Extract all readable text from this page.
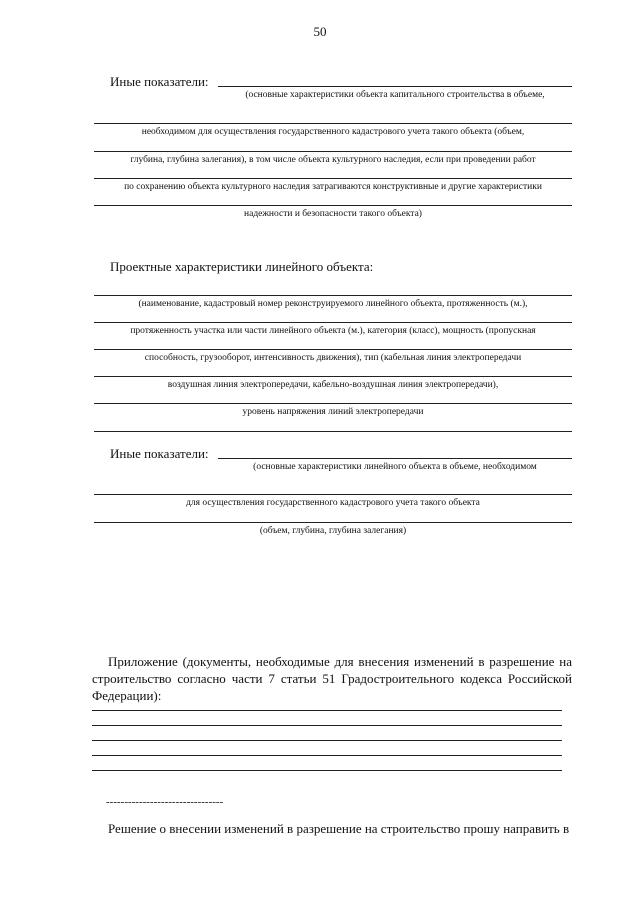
50
Иные показатели:
(основные характеристики объекта капитального строительства в объеме,
необходимом для осуществления государственного кадастрового учета такого объекта (объем,
глубина, глубина залегания), в том числе объекта культурного наследия, если при проведении работ
по сохранению объекта культурного наследия затрагиваются конструктивные и другие характеристики
надежности и безопасности такого объекта)
Проектные характеристики линейного объекта:
(наименование, кадастровый номер реконструируемого линейного объекта, протяженность (м.),
протяженность участка или части линейного объекта (м.), категория (класс), мощность (пропускная
способность, грузооборот, интенсивность движения), тип (кабельная линия электропередачи
воздушная линия электропередачи, кабельно-воздушная линия электропередачи),
уровень напряжения линий электропередачи
Иные показатели:
(основные характеристики линейного объекта в объеме, необходимом
для осуществления государственного кадастрового учета такого объекта
(объем, глубина, глубина залегания)
Приложение (документы, необходимые для внесения изменений в разрешение на строительство согласно части 7 статьи 51 Градостроительного кодекса Российской Федерации):
--------------------------------
Решение о внесении изменений в разрешение на строительство прошу направить в
